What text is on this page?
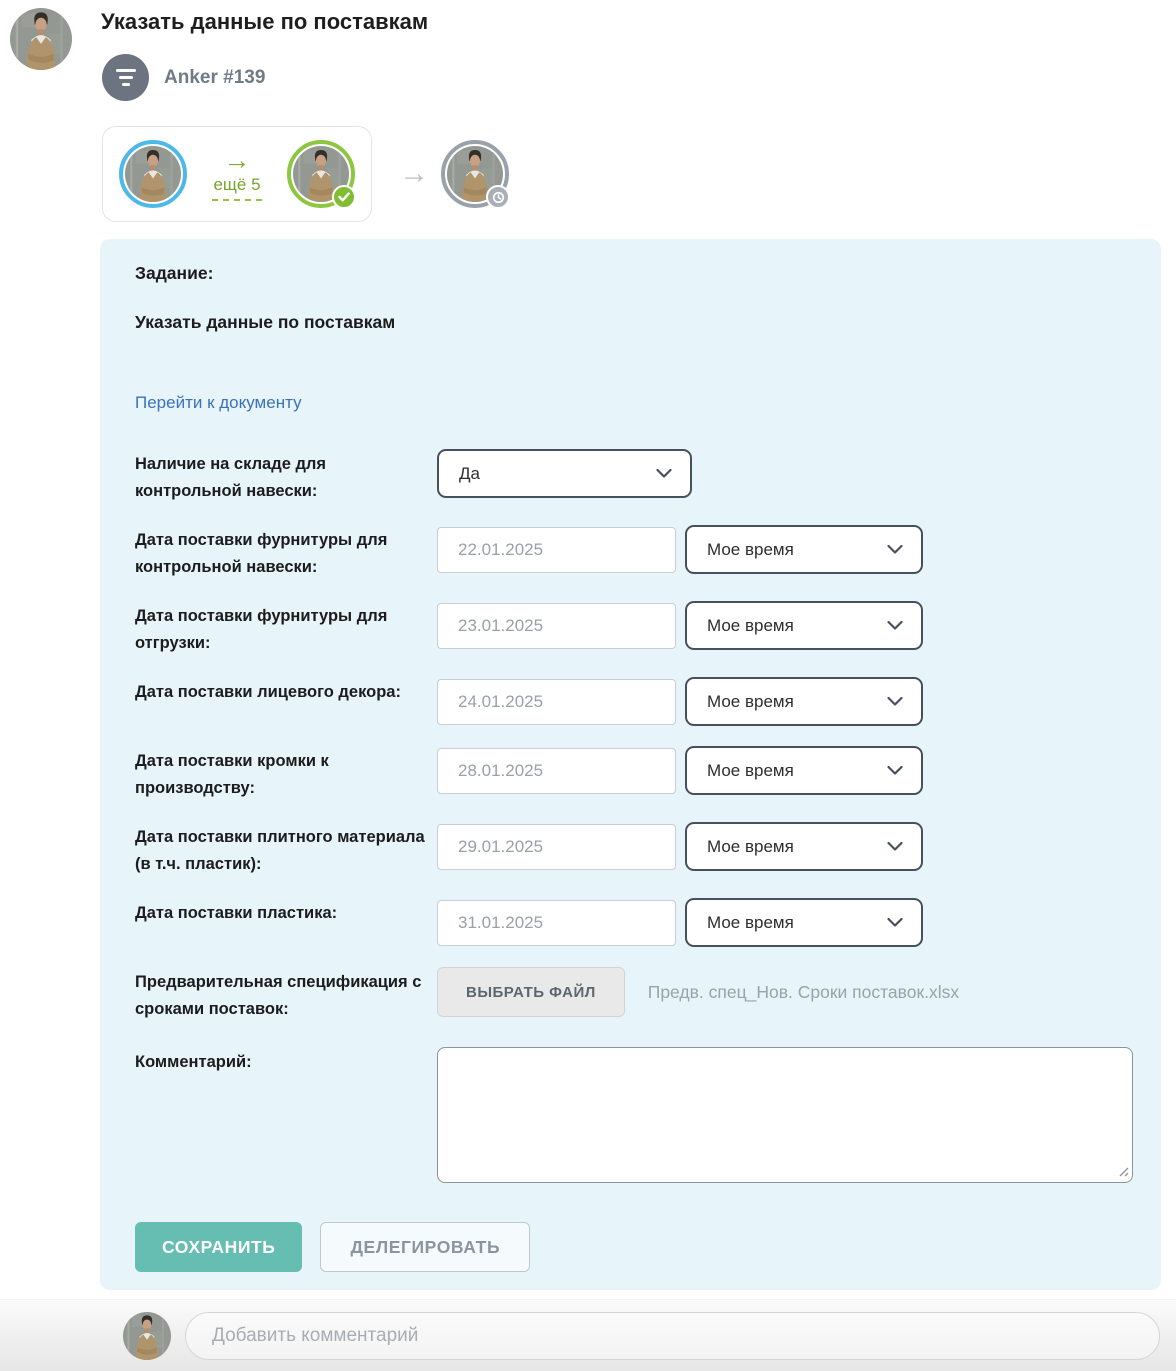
Указать данные по поставкам
Anker #139
→
ещё 5	→
Задание:
Указать данные по поставкам
Перейти к документу
Наличие на складе для контрольной навески:
Да
Дата поставки фурнитуры для контрольной навески:
22.01.2025
Мое время
Дата поставки фурнитуры для отгрузки:
23.01.2025
Мое время
Дата поставки лицевого декора:
24.01.2025	Мое время
Дата поставки кромки к производству:
28.01.2025
Мое время
Дата поставки плитного материала (в т.ч. пластик):
29.01.2025
Мое время
Дата поставки пластика:
31.01.2025	Мое время
Предварительная спецификация с сроками поставок:
ВЫБРАТЬ ФАЙЛ	Предв. спец_Нов. Сроки поставок.xlsx
Комментарий:
СОХРАНИТЬ	ДЕЛЕГИРОВАТЬ
Добавить комментарий
